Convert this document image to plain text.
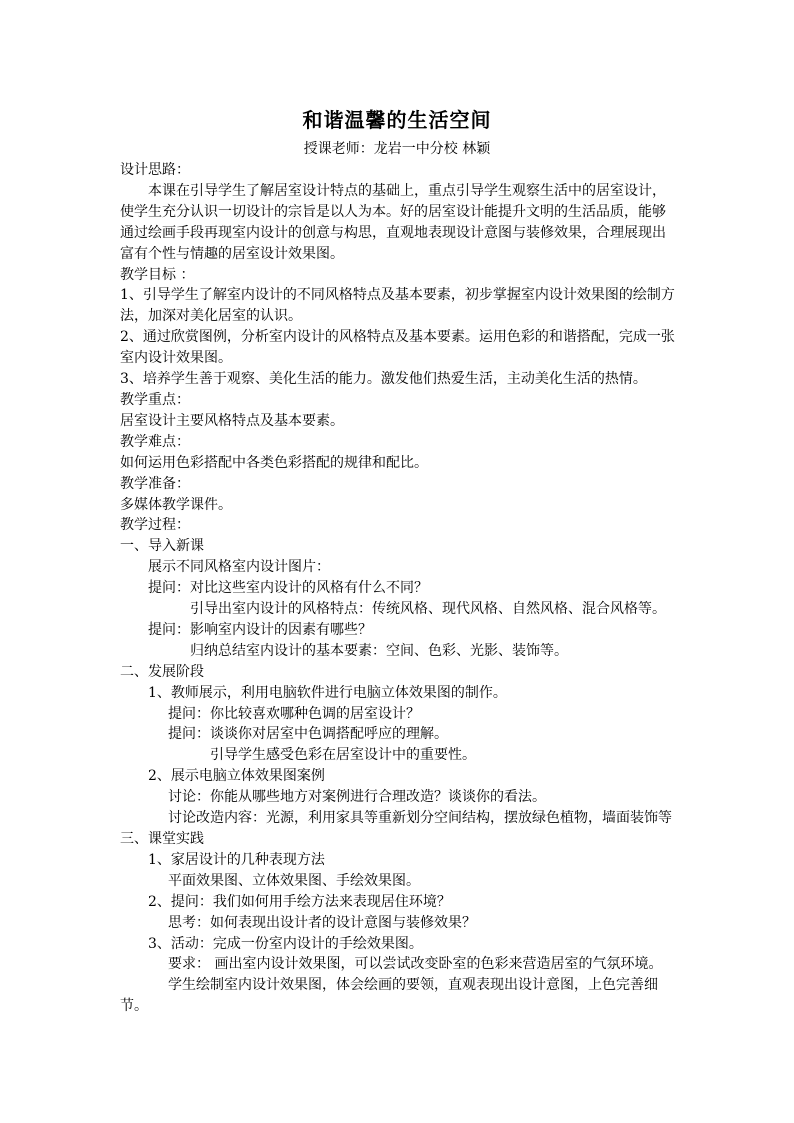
和谐温馨的生活空间
授课老师：龙岩一中分校 林颖
设计思路：
本课在引导学生了解居室设计特点的基础上，重点引导学生观察生活中的居室设计，使学生充分认识一切设计的宗旨是以人为本。好的居室设计能提升文明的生活品质，能够通过绘画手段再现室内设计的创意与构思，直观地表现设计意图与装修效果，合理展现出富有个性与情趣的居室设计效果图。
教学目标 ：
1、引导学生了解室内设计的不同风格特点及基本要素，初步掌握室内设计效果图的绘制方法，加深对美化居室的认识。
2、通过欣赏图例，分析室内设计的风格特点及基本要素。运用色彩的和谐搭配，完成一张室内设计效果图。
3、培养学生善于观察、美化生活的能力。激发他们热爱生活，主动美化生活的热情。
教学重点：
居室设计主要风格特点及基本要素。
教学难点：
如何运用色彩搭配中各类色彩搭配的规律和配比。
教学准备：
多媒体教学课件。
教学过程：
一、导入新课
展示不同风格室内设计图片：
提问：对比这些室内设计的风格有什么不同？
引导出室内设计的风格特点：传统风格、现代风格、自然风格、混合风格等。
提问：影响室内设计的因素有哪些？
归纳总结室内设计的基本要素：空间、色彩、光影、装饰等。
二、发展阶段
1、教师展示，利用电脑软件进行电脑立体效果图的制作。
提问：你比较喜欢哪种色调的居室设计？
提问：谈谈你对居室中色调搭配呼应的理解。
引导学生感受色彩在居室设计中的重要性。
2、展示电脑立体效果图案例
讨论：你能从哪些地方对案例进行合理改造？谈谈你的看法。
讨论改造内容：光源，利用家具等重新划分空间结构，摆放绿色植物，墙面装饰等
三、课堂实践
1、家居设计的几种表现方法
平面效果图、立体效果图、手绘效果图。
2、提问：我们如何用手绘方法来表现居住环境？
思考：如何表现出设计者的设计意图与装修效果？
3、活动：完成一份室内设计的手绘效果图。
要求： 画出室内设计效果图，可以尝试改变卧室的色彩来营造居室的气氛环境。
学生绘制室内设计效果图，体会绘画的要领，直观表现出设计意图，上色完善细节。
